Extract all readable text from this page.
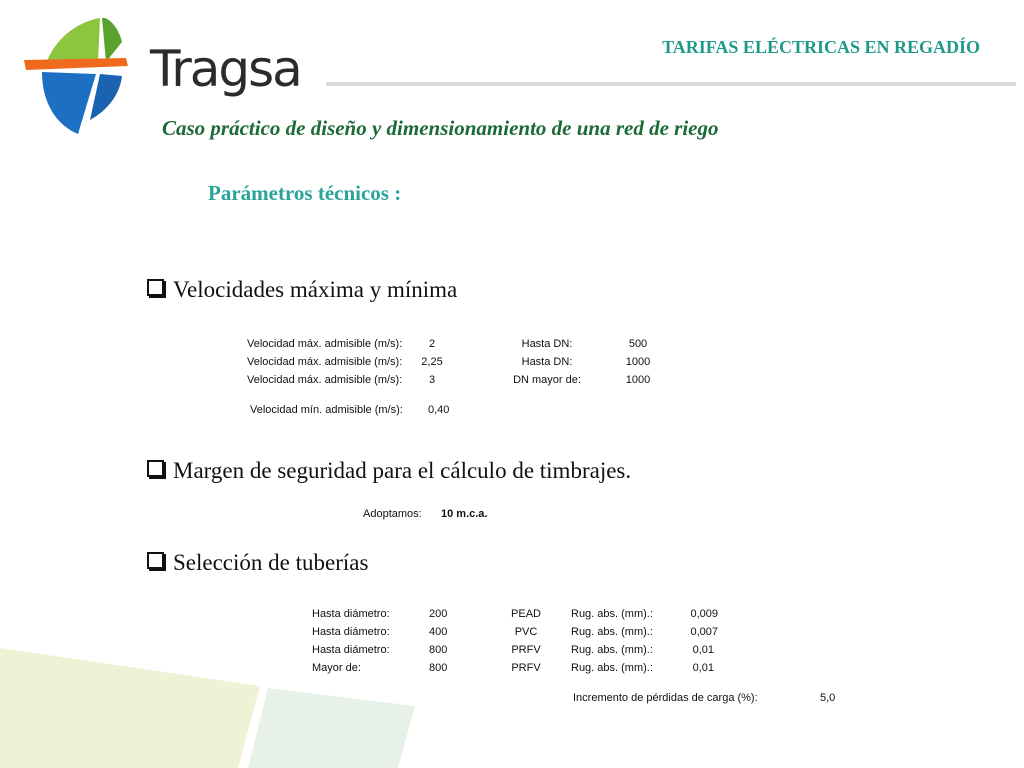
Tragsa
Grupo
TARIFAS ELÉCTRICAS EN REGADÍO
Caso práctico de diseño y dimensionamiento de una red de riego
Parámetros técnicos :
Velocidades máxima y mínima
Velocidad máx. admisible (m/s): 2	Hasta DN:	500
Velocidad máx. admisible (m/s): 2,25	Hasta DN:	1000
Velocidad máx. admisible (m/s): 3	DN mayor de:	1000
Velocidad mín. admisible (m/s): 0,40
Margen de seguridad para el cálculo de timbrajes.
Adoptamos: 10 m.c.a.
Selección de tuberías
Hasta diámetro:	200	PEAD	Rug. abs. (mm).:	0,009
Hasta diámetro:	400	PVC	Rug. abs. (mm).:	0,007
Hasta diámetro:	800	PRFV	Rug. abs. (mm).:	0,01
Mayor de:	800	PRFV	Rug. abs. (mm).:	0,01
Incremento de pérdidas de carga (%):	5,0
